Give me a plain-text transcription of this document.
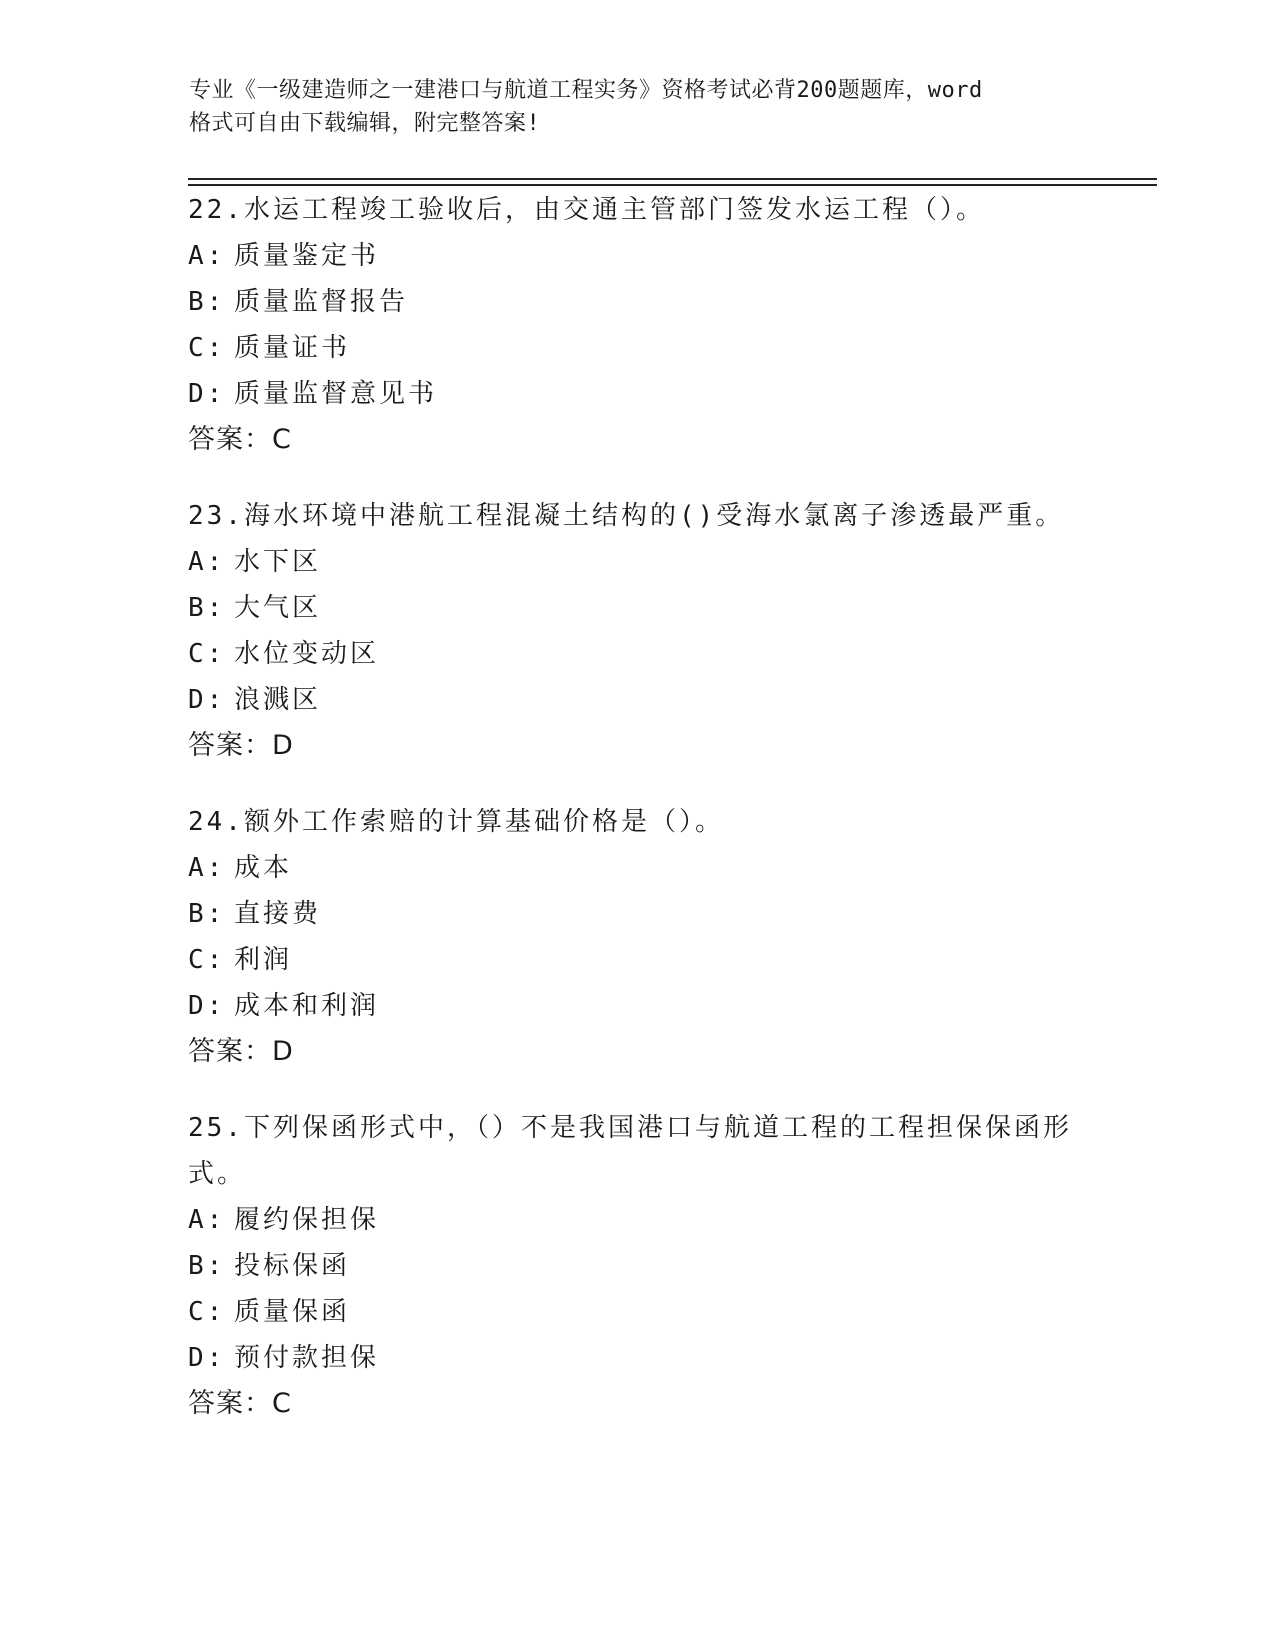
专业《一级建造师之一建港口与航道工程实务》资格考试必背200题题库，word
格式可自由下载编辑，附完整答案!
22.水运工程竣工验收后，由交通主管部门签发水运工程（）。
A: 质量鉴定书
B: 质量监督报告
C: 质量证书
D: 质量监督意见书
答案：C
23.海水环境中港航工程混凝土结构的()受海水氯离子渗透最严重。
A: 水下区
B: 大气区
C: 水位变动区
D: 浪溅区
答案：D
24.额外工作索赔的计算基础价格是（）。
A: 成本
B: 直接费
C: 利润
D: 成本和利润
答案：D
25.下列保函形式中，（）不是我国港口与航道工程的工程担保保函形
式。
A: 履约保担保
B: 投标保函
C: 质量保函
D: 预付款担保
答案：C
